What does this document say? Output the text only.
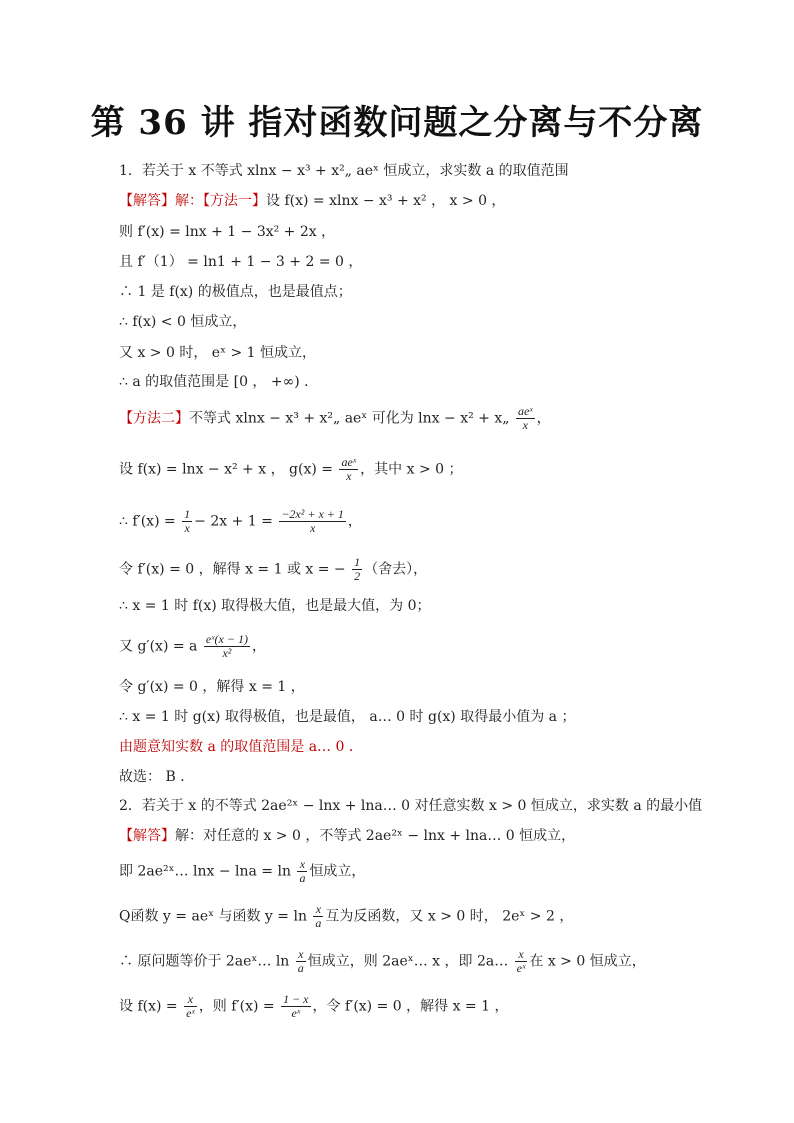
第 36 讲 指对函数问题之分离与不分离
1．若关于 x 不等式 xlnx − x³ + x²„ aeˣ 恒成立，求实数 a 的取值范围
【解答】解：【方法一】设 f(x) = xlnx − x³ + x² ， x > 0 ，
则 f′(x) = lnx + 1 − 3x² + 2x ，
且 f′（1） = ln1 + 1 − 3 + 2 = 0 ，
∴ 1 是 f(x) 的极值点，也是最值点；
∴ f(x) < 0 恒成立，
又 x > 0 时， eˣ > 1 恒成立，
∴ a 的取值范围是 [0 ， +∞) ．
【方法二】不等式 xlnx − x³ + x²„ aeˣ 可化为 lnx − x² + x„ $\frac{\text{aeˣ}}{x}$ ，
设 f(x) = lnx − x² + x ， $g(x) = \frac{\text{aeˣ}}{x}$ ，其中 x > 0 ；
∴ $f'(x) = \frac{1}{x} - 2x + 1 = \frac{\text{−2x² + x + 1}}{x}$ ，
令 f′(x) = 0 ，解得 x = 1 或 x = − $\frac{1}{2}$ （舍去），
∴ x = 1 时 f(x) 取得极大值，也是最大值，为 0；
又 g′(x) = a $\frac{\text{eˣ(x − 1)}}{\text{x²}}$ ，
令 g′(x) = 0 ，解得 x = 1 ，
∴ x = 1 时 g(x) 取得极值，也是最值， a… 0 时 g(x) 取得最小值为 a ；
由题意知实数 a 的取值范围是 a… 0 ．
故选： B ．
2．若关于 x 的不等式 2ae²ˣ − lnx + lna… 0 对任意实数 x > 0 恒成立，求实数 a 的最小值
【解答】解：对任意的 x > 0 ，不等式 2ae²ˣ − lnx + lna… 0 恒成立，
即 2ae²ˣ… $\ln x - \ln a = \ln \frac{x}{a}$ 恒成立，
Q函数 y = aeˣ 与函数 $y = \ln \frac{x}{a}$ 互为反函数，又 x > 0 时， 2eˣ > 2 ，
∴ 原问题等价于 2aeˣ… $\ln \frac{x}{a}$ 恒成立，则 2aeˣ… x ，即 2a… $\frac{x}{\text{eˣ}}$ 在 x > 0 恒成立，
设 $f(x) = \frac{x}{\text{eˣ}}$ ，则 $f'(x) = \frac{1 - x}{\text{eˣ}}$ ，令 f′(x) = 0 ，解得 x = 1 ，
